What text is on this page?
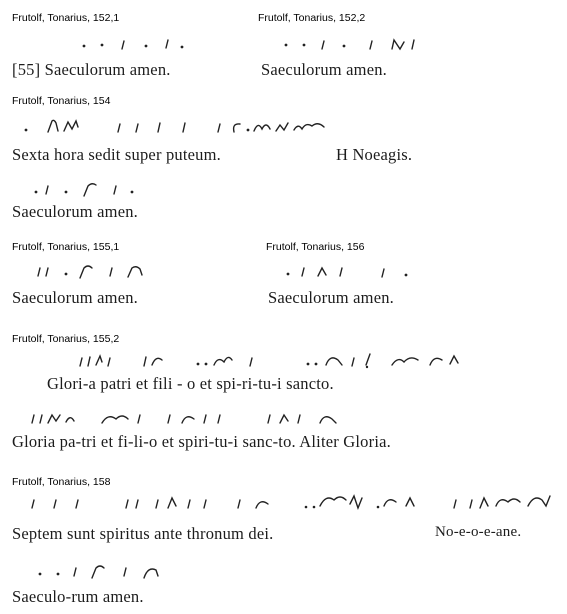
Frutolf, Tonarius, 152,1	Frutolf, Tonarius, 152,2
[55] Saeculorum amen.	Saeculorum amen.
Frutolf, Tonarius, 154
Sexta hora sedit super puteum.	H Noeagis.
Saeculorum amen.
Frutolf, Tonarius, 155,1	Frutolf, Tonarius, 156
Saeculorum amen.	Saeculorum amen.
Frutolf, Tonarius, 155,2
Glori-a patri et fili - o et spi-ri-tu-i sancto.
Gloria pa-tri et fi-li-o et spiri-tu-i sanc-to. Aliter Gloria.
Frutolf, Tonarius, 158
Septem sunt spiritus ante thronum dei.	No-e-o-e-ane.
Saeculo-rum amen.
